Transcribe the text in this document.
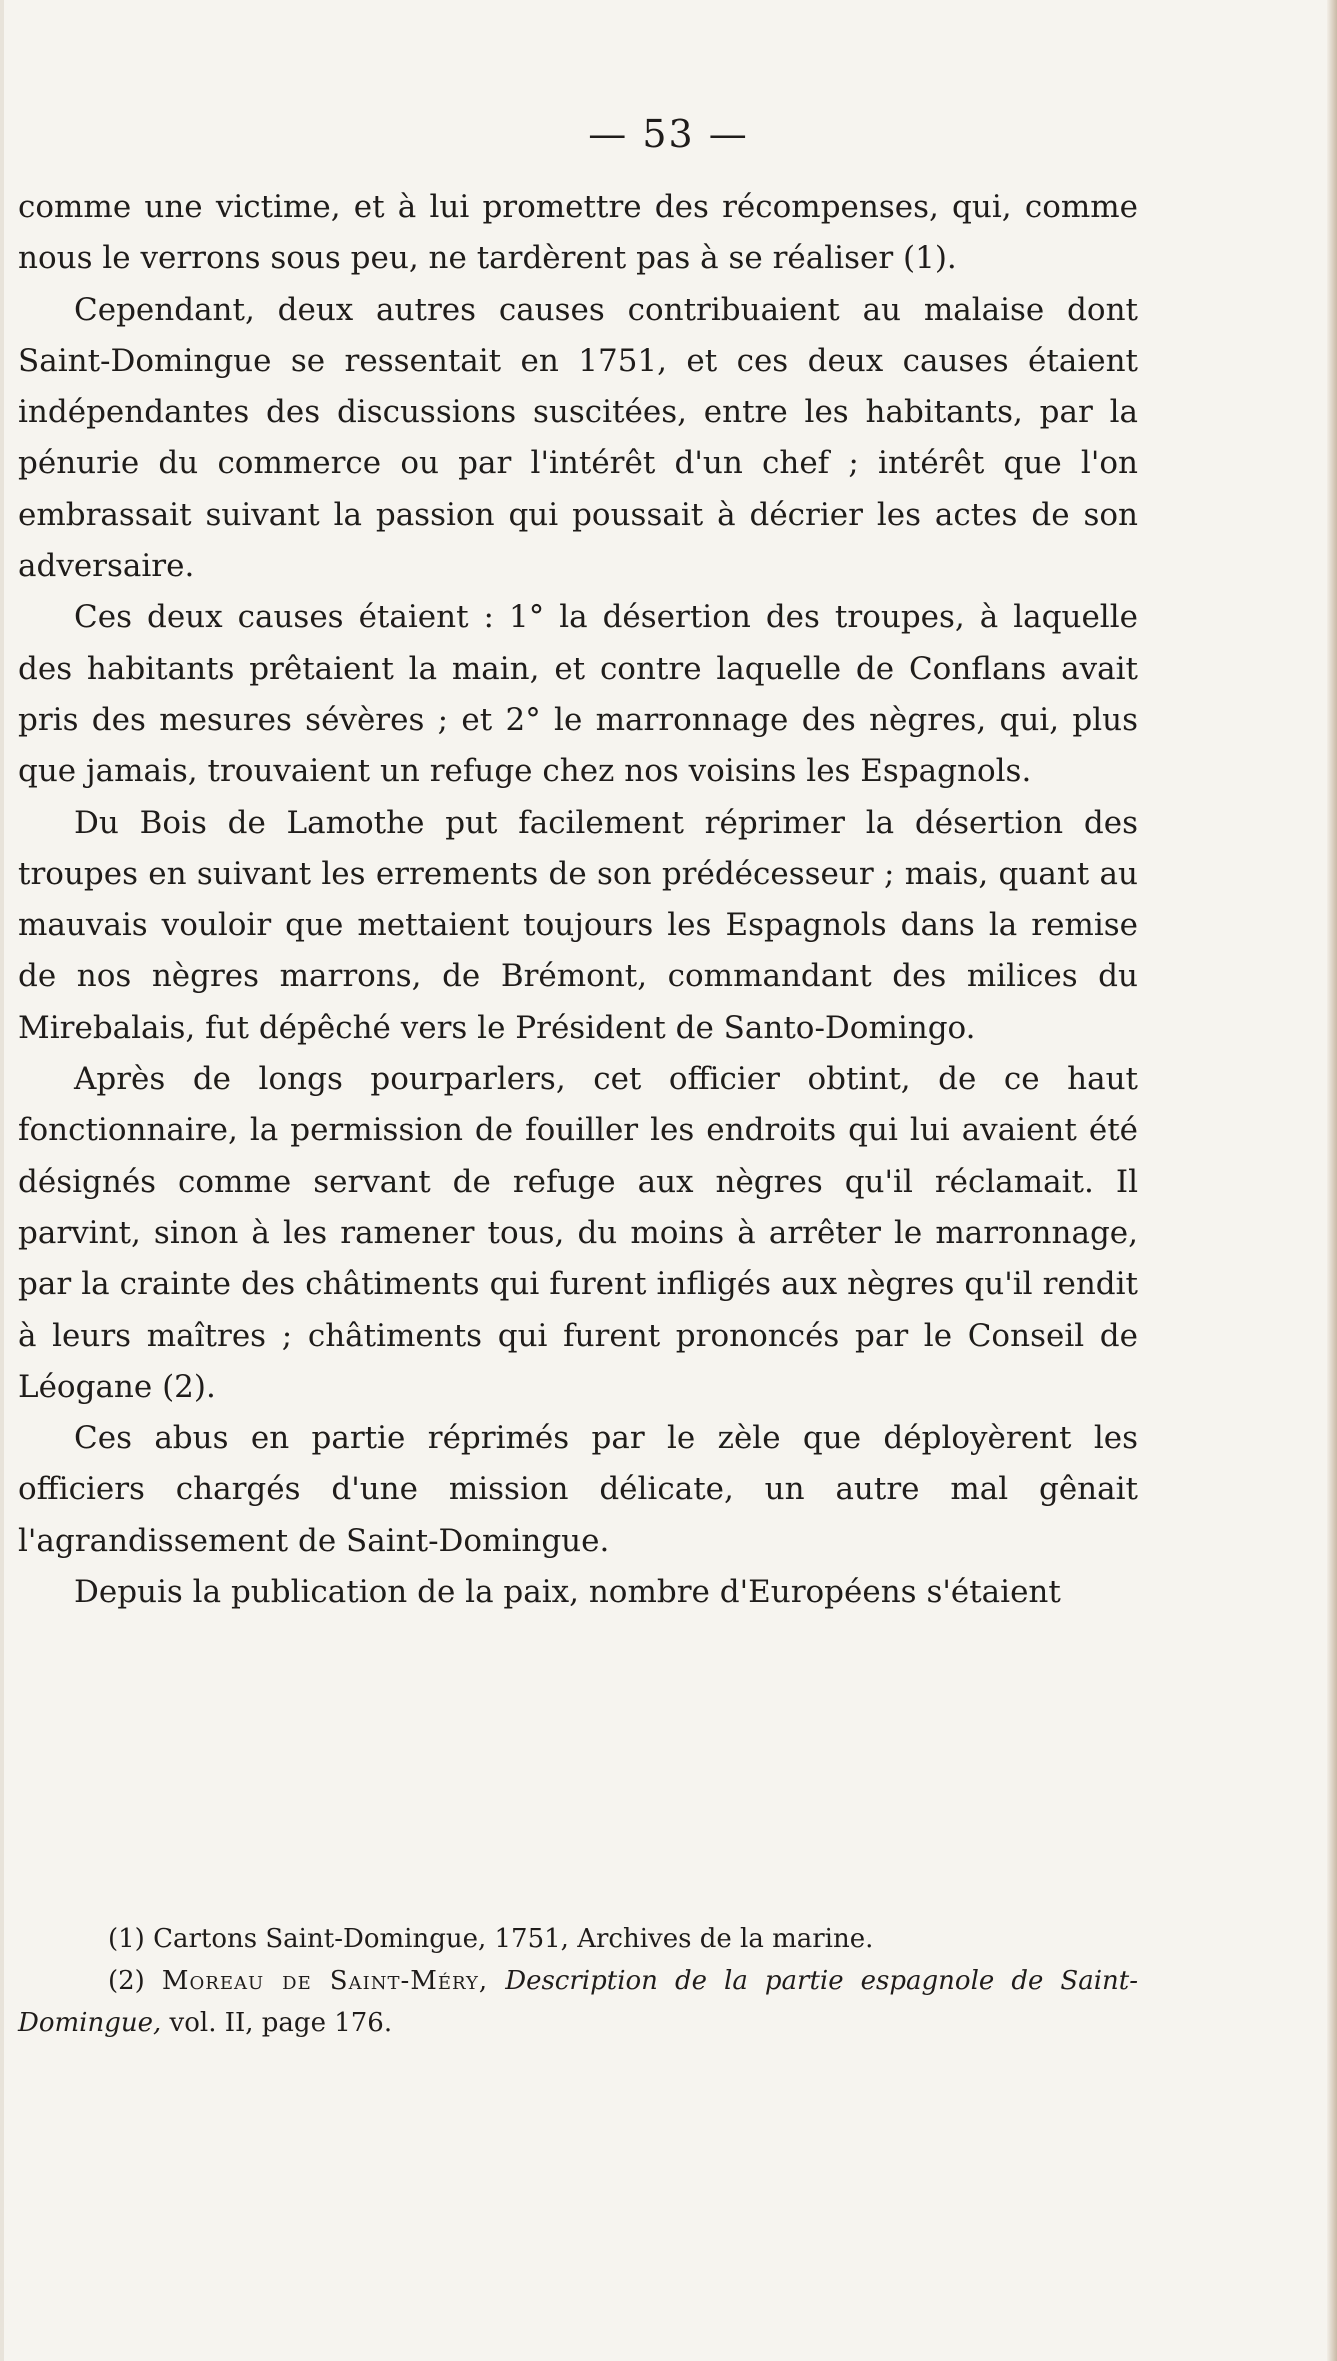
— 53 —

comme une victime, et à lui promettre des récompenses, qui, comme nous le verrons sous peu, ne tardèrent pas à se réaliser (1).

Cependant, deux autres causes contribuaient au malaise dont Saint-Domingue se ressentait en 1751, et ces deux causes étaient indépendantes des discussions suscitées, entre les habitants, par la pénurie du commerce ou par l'intérêt d'un chef ; intérêt que l'on embrassait suivant la passion qui poussait à décrier les actes de son adversaire.

Ces deux causes étaient : 1° la désertion des troupes, à laquelle des habitants prêtaient la main, et contre laquelle de Conflans avait pris des mesures sévères ; et 2° le marronnage des nègres, qui, plus que jamais, trouvaient un refuge chez nos voisins les Espagnols.

Du Bois de Lamothe put facilement réprimer la désertion des troupes en suivant les errements de son prédécesseur ; mais, quant au mauvais vouloir que mettaient toujours les Espagnols dans la remise de nos nègres marrons, de Brémont, commandant des milices du Mirebalais, fut dépêché vers le Président de Santo-Domingo.

Après de longs pourparlers, cet officier obtint, de ce haut fonctionnaire, la permission de fouiller les endroits qui lui avaient été désignés comme servant de refuge aux nègres qu'il réclamait. Il parvint, sinon à les ramener tous, du moins à arrêter le marronnage, par la crainte des châtiments qui furent infligés aux nègres qu'il rendit à leurs maîtres ; châtiments qui furent prononcés par le Conseil de Léogane (2).

Ces abus en partie réprimés par le zèle que déployèrent les officiers chargés d'une mission délicate, un autre mal gênait l'agrandissement de Saint-Domingue.

Depuis la publication de la paix, nombre d'Européens s'étaient

(1) Cartons Saint-Domingue, 1751, Archives de la marine.

(2) Moreau de Saint-Méry, Description de la partie espagnole de Saint-Domingue, vol. II, page 176.
